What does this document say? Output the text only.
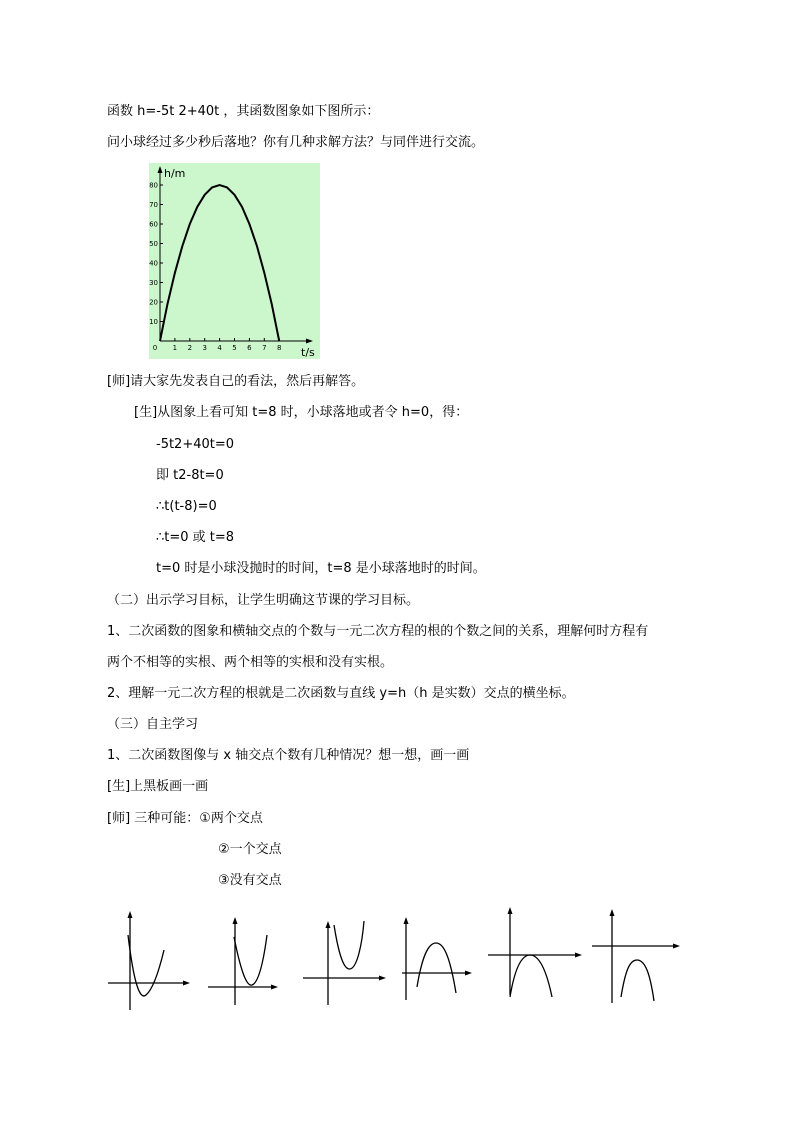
函数 h=-5t 2+40t ，其函数图象如下图所示：
问小球经过多少秒后落地？你有几种求解方法？与同伴进行交流。
0 1 2 3 4 5 6 7 8
10
20
30
40
50
60
70
80
h/m
t/s
[师]请大家先发表自己的看法，然后再解答。
[生]从图象上看可知 t=8 时，小球落地或者令 h=0，得：
-5t2+40t=0
即 t2-8t=0
∴t(t-8)=0
∴t=0 或 t=8
t=0 时是小球没抛时的时间，t=8 是小球落地时的时间。
（二）出示学习目标，让学生明确这节课的学习目标。
1、二次函数的图象和横轴交点的个数与一元二次方程的根的个数之间的关系，理解何时方程有
两个不相等的实根、两个相等的实根和没有实根。
2、理解一元二次方程的根就是二次函数与直线 y=h（h 是实数）交点的横坐标。
（三）自主学习
1、二次函数图像与 x 轴交点个数有几种情况？想一想，画一画
[生]上黑板画一画
[师] 三种可能：①两个交点
②一个交点
③没有交点
